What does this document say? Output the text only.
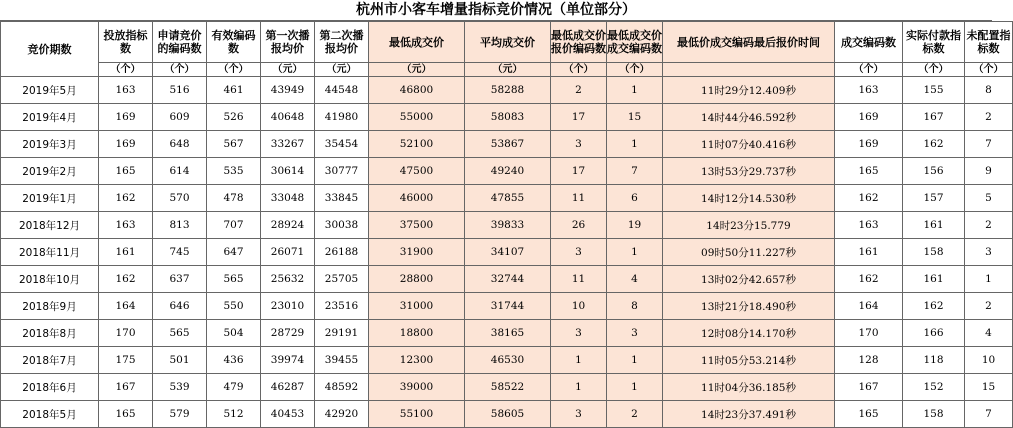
杭州市小客车增量指标竞价情况（单位部分）
竞价期数	投放指标数	申请竞价的编码数	有效编码数	第一次播报均价	第二次播报均价	最低成交价	平均成交价	最低成交价报价编码数	最低成交价成交编码数	最低价成交编码最后报价时间	成交编码数	实际付款指标数	未配置指标数
	（个）	（个）	（个）	（元）	（元）	（元）	（元）	（个）	（个）		（个）	（个）	（个）
2019年5月	163	516	461	43949	44548	46800	58288	2	1	11时29分12.409秒	163	155	8
2019年4月	169	609	526	40648	41980	55000	58083	17	15	14时44分46.592秒	169	167	2
2019年3月	169	648	567	33267	35454	52100	53867	3	1	11时07分40.416秒	169	162	7
2019年2月	165	614	535	30614	30777	47500	49240	17	7	13时53分29.737秒	165	156	9
2019年1月	162	570	478	33048	33845	46000	47855	11	6	14时12分14.530秒	162	157	5
2018年12月	163	813	707	28924	30038	37500	39833	26	19	14时23分15.779	163	161	2
2018年11月	161	745	647	26071	26188	31900	34107	3	1	09时50分11.227秒	161	158	3
2018年10月	162	637	565	25632	25705	28800	32744	11	4	13时02分42.657秒	162	161	1
2018年9月	164	646	550	23010	23516	31000	31744	10	8	13时21分18.490秒	164	162	2
2018年8月	170	565	504	28729	29191	18800	38165	3	3	12时08分14.170秒	170	166	4
2018年7月	175	501	436	39974	39455	12300	46530	1	1	11时05分53.214秒	128	118	10
2018年6月	167	539	479	46287	48592	39000	58522	1	1	11时04分36.185秒	167	152	15
2018年5月	165	579	512	40453	42920	55100	58605	3	2	14时23分37.491秒	165	158	7
